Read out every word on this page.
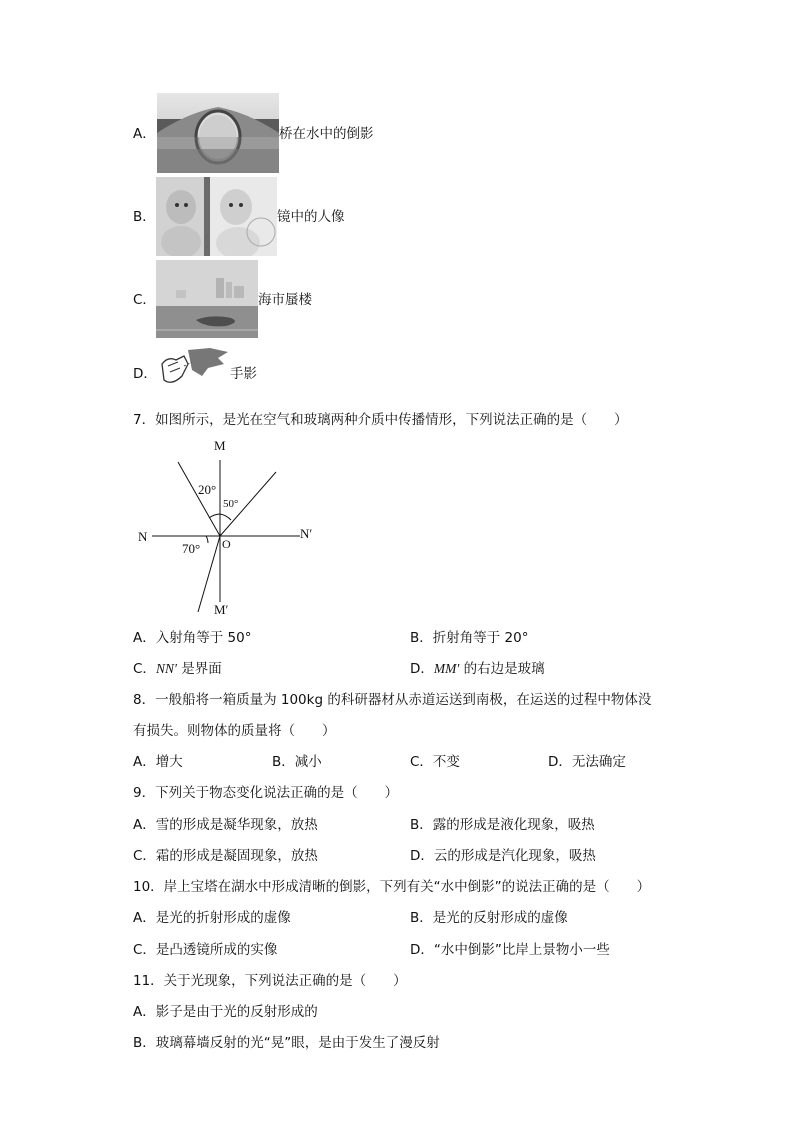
A．	桥在水中的倒影
B．	镜中的人像
C．	海市蜃楼
D．	手影
7．如图所示，是光在空气和玻璃两种介质中传播情形，下列说法正确的是（　　）
M
M′
N	N′
O
20°
50°
70°
A．入射角等于 50°	B．折射角等于 20°
C．NN′ 是界面	D．MM′ 的右边是玻璃
8．一般船将一箱质量为 100kg 的科研器材从赤道运送到南极，在运送的过程中物体没
有损失。则物体的质量将（　　）
A．增大	B．减小	C．不变	D．无法确定
9．下列关于物态变化说法正确的是（　　）
A．雪的形成是凝华现象，放热	B．露的形成是液化现象，吸热
C．霜的形成是凝固现象，放热	D．云的形成是汽化现象，吸热
10．岸上宝塔在湖水中形成清晰的倒影，下列有关“水中倒影”的说法正确的是（　　）
A．是光的折射形成的虚像	B．是光的反射形成的虚像
C．是凸透镜所成的实像	D．“水中倒影”比岸上景物小一些
11．关于光现象，下列说法正确的是（　　）
A．影子是由于光的反射形成的
B．玻璃幕墙反射的光“晃”眼，是由于发生了漫反射
